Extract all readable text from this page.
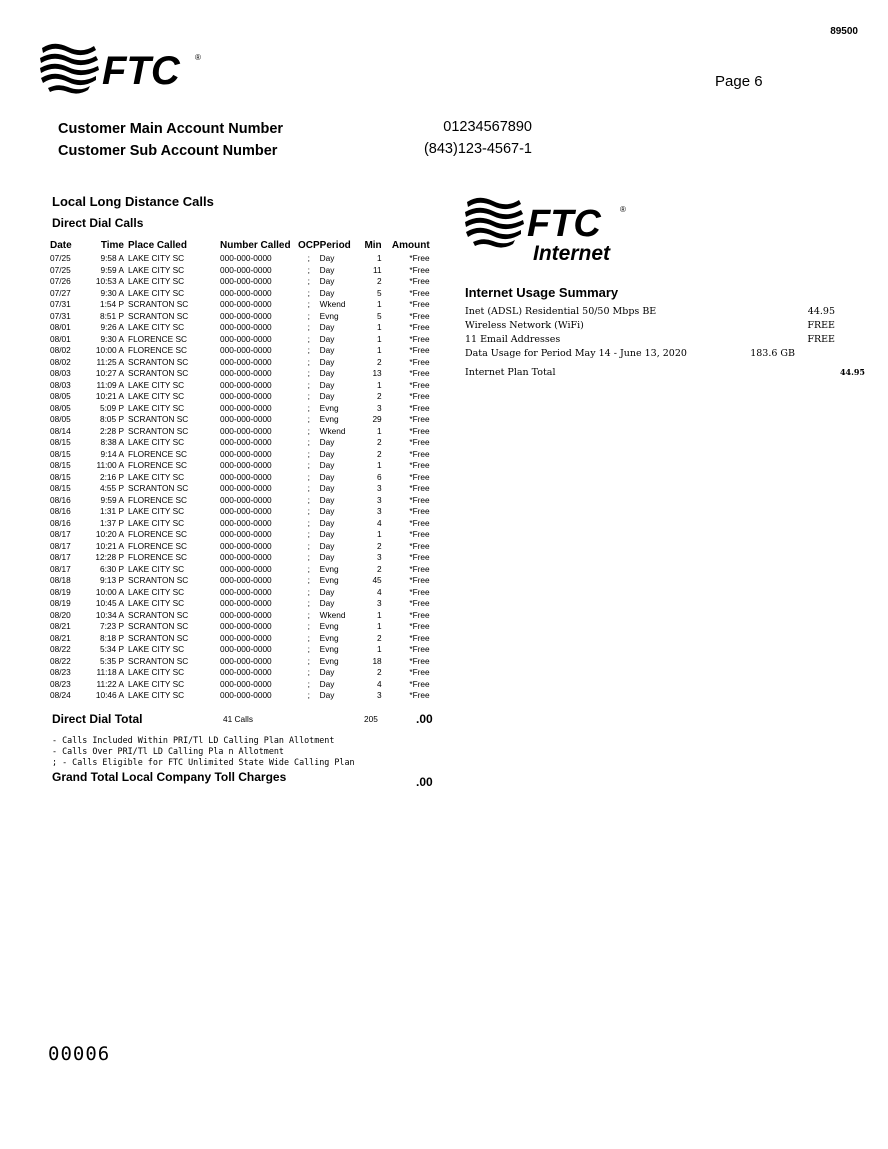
89500
FTC ®
Page 6
Customer Main Account Number	01234567890
Customer Sub Account Number	(843)123-4567-1
Local Long Distance Calls
Direct Dial Calls
Date	Time	Place Called	Number Called	OCP	Period	Min	Amount
07/25	9:58 A	LAKE CITY SC	000-000-0000	;	Day	1	*Free
07/25	9:59 A	LAKE CITY SC	000-000-0000	;	Day	11	*Free
07/26	10:53 A	LAKE CITY SC	000-000-0000	;	Day	2	*Free
07/27	9:30 A	LAKE CITY SC	000-000-0000	;	Day	5	*Free
07/31	1:54 P	SCRANTON SC	000-000-0000	;	Wkend	1	*Free
07/31	8:51 P	SCRANTON SC	000-000-0000	;	Evng	5	*Free
08/01	9:26 A	LAKE CITY SC	000-000-0000	;	Day	1	*Free
08/01	9:30 A	FLORENCE SC	000-000-0000	;	Day	1	*Free
08/02	10:00 A	FLORENCE SC	000-000-0000	;	Day	1	*Free
08/02	11:25 A	SCRANTON SC	000-000-0000	;	Day	2	*Free
08/03	10:27 A	SCRANTON SC	000-000-0000	;	Day	13	*Free
08/03	11:09 A	LAKE CITY SC	000-000-0000	;	Day	1	*Free
08/05	10:21 A	LAKE CITY SC	000-000-0000	;	Day	2	*Free
08/05	5:09 P	LAKE CITY SC	000-000-0000	;	Evng	3	*Free
08/05	8:05 P	SCRANTON SC	000-000-0000	;	Evng	29	*Free
08/14	2:28 P	SCRANTON SC	000-000-0000	;	Wkend	1	*Free
08/15	8:38 A	LAKE CITY SC	000-000-0000	;	Day	2	*Free
08/15	9:14 A	FLORENCE SC	000-000-0000	;	Day	2	*Free
08/15	11:00 A	FLORENCE SC	000-000-0000	;	Day	1	*Free
08/15	2:16 P	LAKE CITY SC	000-000-0000	;	Day	6	*Free
08/15	4:55 P	SCRANTON SC	000-000-0000	;	Day	3	*Free
08/16	9:59 A	FLORENCE SC	000-000-0000	;	Day	3	*Free
08/16	1:31 P	LAKE CITY SC	000-000-0000	;	Day	3	*Free
08/16	1:37 P	LAKE CITY SC	000-000-0000	;	Day	4	*Free
08/17	10:20 A	FLORENCE SC	000-000-0000	;	Day	1	*Free
08/17	10:21 A	FLORENCE SC	000-000-0000	;	Day	2	*Free
08/17	12:28 P	FLORENCE SC	000-000-0000	;	Day	3	*Free
08/17	6:30 P	LAKE CITY SC	000-000-0000	;	Evng	2	*Free
08/18	9:13 P	SCRANTON SC	000-000-0000	;	Evng	45	*Free
08/19	10:00 A	LAKE CITY SC	000-000-0000	;	Day	4	*Free
08/19	10:45 A	LAKE CITY SC	000-000-0000	;	Day	3	*Free
08/20	10:34 A	SCRANTON SC	000-000-0000	;	Wkend	1	*Free
08/21	7:23 P	SCRANTON SC	000-000-0000	;	Evng	1	*Free
08/21	8:18 P	SCRANTON SC	000-000-0000	;	Evng	2	*Free
08/22	5:34 P	LAKE CITY SC	000-000-0000	;	Evng	1	*Free
08/22	5:35 P	SCRANTON SC	000-000-0000	;	Evng	18	*Free
08/23	11:18 A	LAKE CITY SC	000-000-0000	;	Day	2	*Free
08/23	11:22 A	LAKE CITY SC	000-000-0000	;	Day	4	*Free
08/24	10:46 A	LAKE CITY SC	000-000-0000	;	Day	3	*Free
Direct Dial Total	41 Calls	205	.00
- Calls Included Within PRI/Tl LD Calling Plan Allotment
- Calls Over PRI/Tl LD Calling Pla n Allotment
; - Calls Eligible for FTC Unlimited State Wide Calling Plan
Grand Total Local Company Toll Charges	.00
FTC ®
Internet
Internet Usage Summary
Inet (ADSL) Residential 50/50 Mbps BE	44.95
Wireless Network (WiFi)	FREE
11 Email Addresses	FREE
Data Usage for Period May 14 - June 13, 2020	183.6 GB
Internet Plan Total	44.95
00006
